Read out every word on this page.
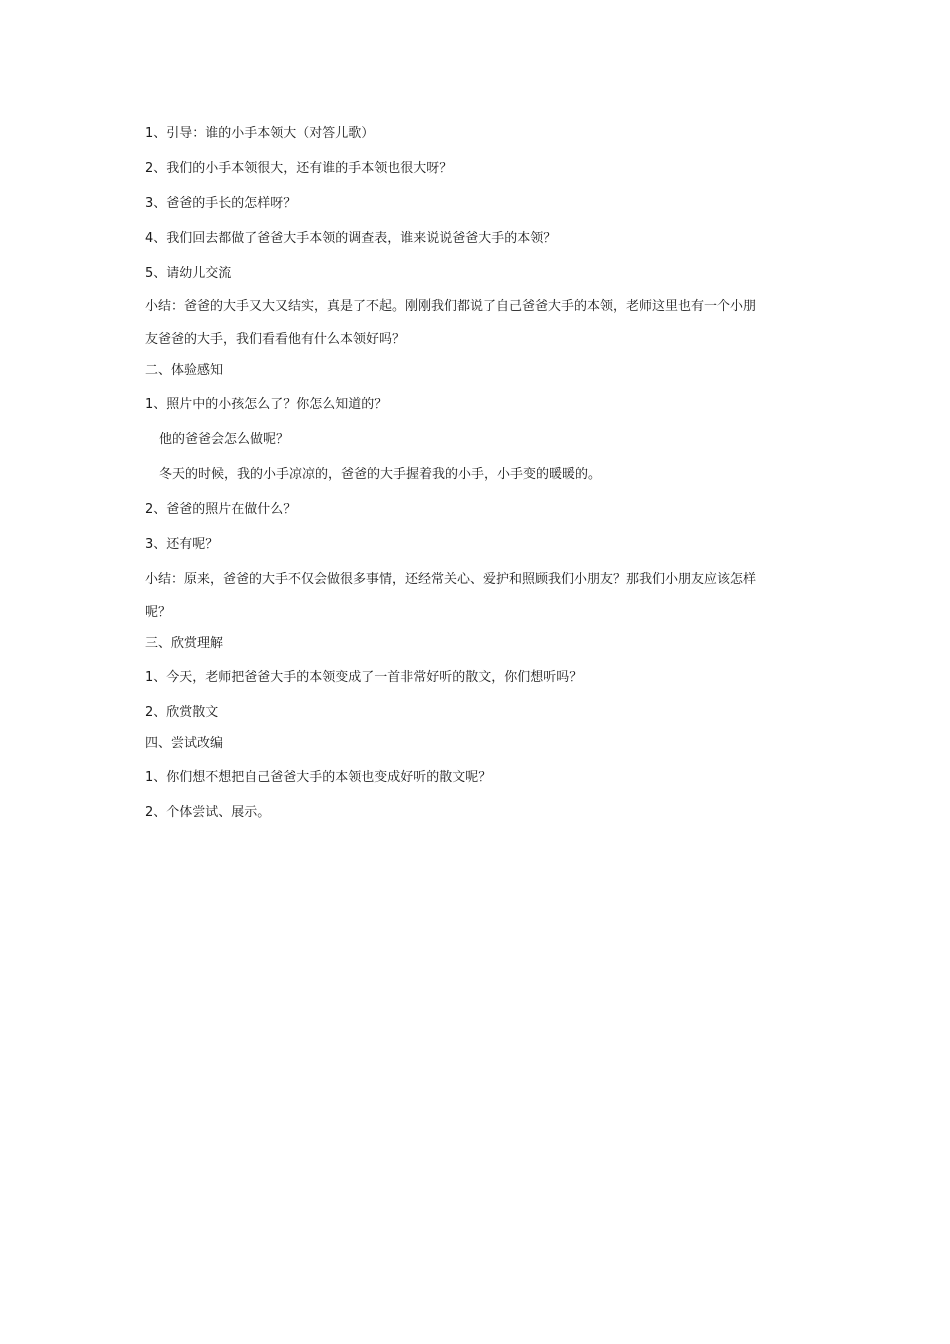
1、引导：谁的小手本领大（对答儿歌）

2、我们的小手本领很大，还有谁的手本领也很大呀？

3、爸爸的手长的怎样呀？

4、我们回去都做了爸爸大手本领的调查表，谁来说说爸爸大手的本领？

5、请幼儿交流

小结：爸爸的大手又大又结实，真是了不起。刚刚我们都说了自己爸爸大手的本领，老师这里也有一个小朋

友爸爸的大手，我们看看他有什么本领好吗？

二、体验感知

1、照片中的小孩怎么了？你怎么知道的？

他的爸爸会怎么做呢？

冬天的时候，我的小手凉凉的，爸爸的大手握着我的小手，小手变的暖暖的。

2、爸爸的照片在做什么？

3、还有呢？

小结：原来，爸爸的大手不仅会做很多事情，还经常关心、爱护和照顾我们小朋友？那我们小朋友应该怎样

呢？

三、欣赏理解

1、今天，老师把爸爸大手的本领变成了一首非常好听的散文，你们想听吗？

2、欣赏散文

四、尝试改编

1、你们想不想把自己爸爸大手的本领也变成好听的散文呢？

2、个体尝试、展示。
